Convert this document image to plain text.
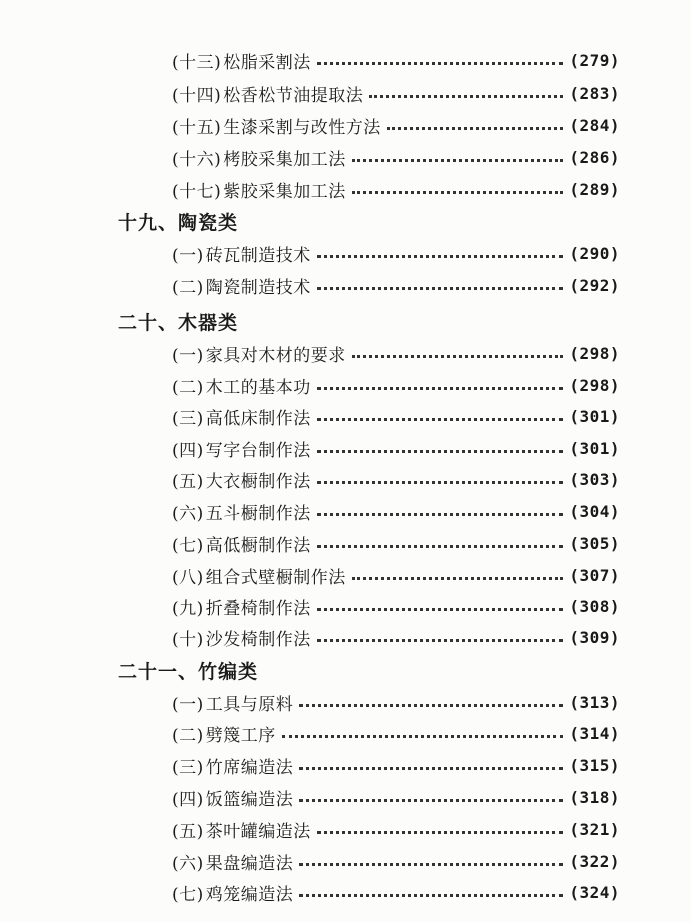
(十三) 松脂采割法	(279)
(十四) 松香松节油提取法	(283)
(十五) 生漆采割与改性方法	(284)
(十六) 栲胶采集加工法	(286)
(十七) 紫胶采集加工法	(289)
十九、陶瓷类
(一) 砖瓦制造技术	(290)
(二) 陶瓷制造技术	(292)
二十、木器类
(一) 家具对木材的要求	(298)
(二) 木工的基本功	(298)
(三) 高低床制作法	(301)
(四) 写字台制作法	(301)
(五) 大衣橱制作法	(303)
(六) 五斗橱制作法	(304)
(七) 高低橱制作法	(305)
(八) 组合式壁橱制作法	(307)
(九) 折叠椅制作法	(308)
(十) 沙发椅制作法	(309)
二十一、竹编类
(一) 工具与原料	(313)
(二) 劈篾工序	(314)
(三) 竹席编造法	(315)
(四) 饭篮编造法	(318)
(五) 茶叶罐编造法	(321)
(六) 果盘编造法	(322)
(七) 鸡笼编造法	(324)
